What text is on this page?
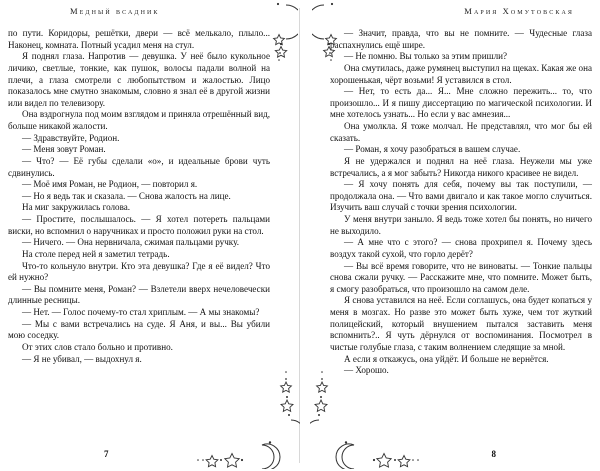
Медный всадник

по пути. Коридоры, решётки, двери — всё мелькало, плыло... Наконец, комната. Потный усадил меня на стул.

Я поднял глаза. Напротив — девушка. У неё было кукольное личико, светлые, тонкие, как пушок, волосы падали волной на плечи, а глаза смотрели с любопытством и жалостью. Лицо показалось мне смутно знакомым, словно я знал её в другой жизни или видел по телевизору.

Она вздрогнула под моим взглядом и приняла отрешённый вид, больше никакой жалости.

— Здравствуйте, Родион.

— Меня зовут Роман.

— Что? — Её губы сделали «о», и идеальные брови чуть сдвинулись.

— Моё имя Роман, не Родион, — повторил я.

— Но я ведь так и сказала. — Снова жалость на лице.

На миг закружилась голова.

— Простите, послышалось. — Я хотел потереть пальцами виски, но вспомнил о наручниках и просто положил руки на стол.

— Ничего. — Она нервничала, сжимая пальцами ручку.

На столе перед ней я заметил тетрадь.

Что-то кольнуло внутри. Кто эта девушка? Где я её видел? Что ей нужно?

— Вы помните меня, Роман? — Взлетели вверх нечеловечески длинные ресницы.

— Нет. — Голос почему-то стал хриплым. — А мы знакомы?

— Мы с вами встречались на суде. Я Аня, и вы... Вы убили мою соседку.

От этих слов стало больно и противно.

— Я не убивал, — выдохнул я.

7
Мария Хомутовская

— Значит, правда, что вы не помните. — Чудесные глаза распахнулись ещё шире.

— Не помню. Вы только за этим пришли?

Она смутилась, даже румянец выступил на щеках. Какая же она хорошенькая, чёрт возьми! Я уставился в стол.

— Нет, то есть да... Я... Мне сложно пережить... то, что произошло... И я пишу диссертацию по магической психологии. И мне хотелось узнать... Но если у вас амнезия...

Она умолкла. Я тоже молчал. Не представлял, что мог бы ей сказать.

— Роман, я хочу разобраться в вашем случае.

Я не удержался и поднял на неё глаза. Неужели мы уже встречались, а я мог забыть? Никогда никого красивее не видел.

— Я хочу понять для себя, почему вы так поступили, — продолжала она. — Что вами двигало и как такое могло случиться. Изучить ваш случай с точки зрения психологии.

У меня внутри заныло. Я ведь тоже хотел бы понять, но ничего не выходило.

— А мне что с этого? — снова прохрипел я. Почему здесь воздух такой сухой, что горло дерёт?

— Вы всё время говорите, что не виноваты. — Тонкие пальцы снова сжали ручку. — Расскажите мне, что помните. Может быть, я смогу разобраться, что произошло на самом деле.

Я снова уставился на неё. Если соглашусь, она будет копаться у меня в мозгах. Но разве это может быть хуже, чем тот жуткий полицейский, который внушением пытался заставить меня вспомнить?.. Я чуть дёрнулся от воспоминания. Посмотрел в чистые голубые глаза, с таким волнением следящие за мной.

А если я откажусь, она уйдёт. И больше не вернётся.

— Хорошо.

8
